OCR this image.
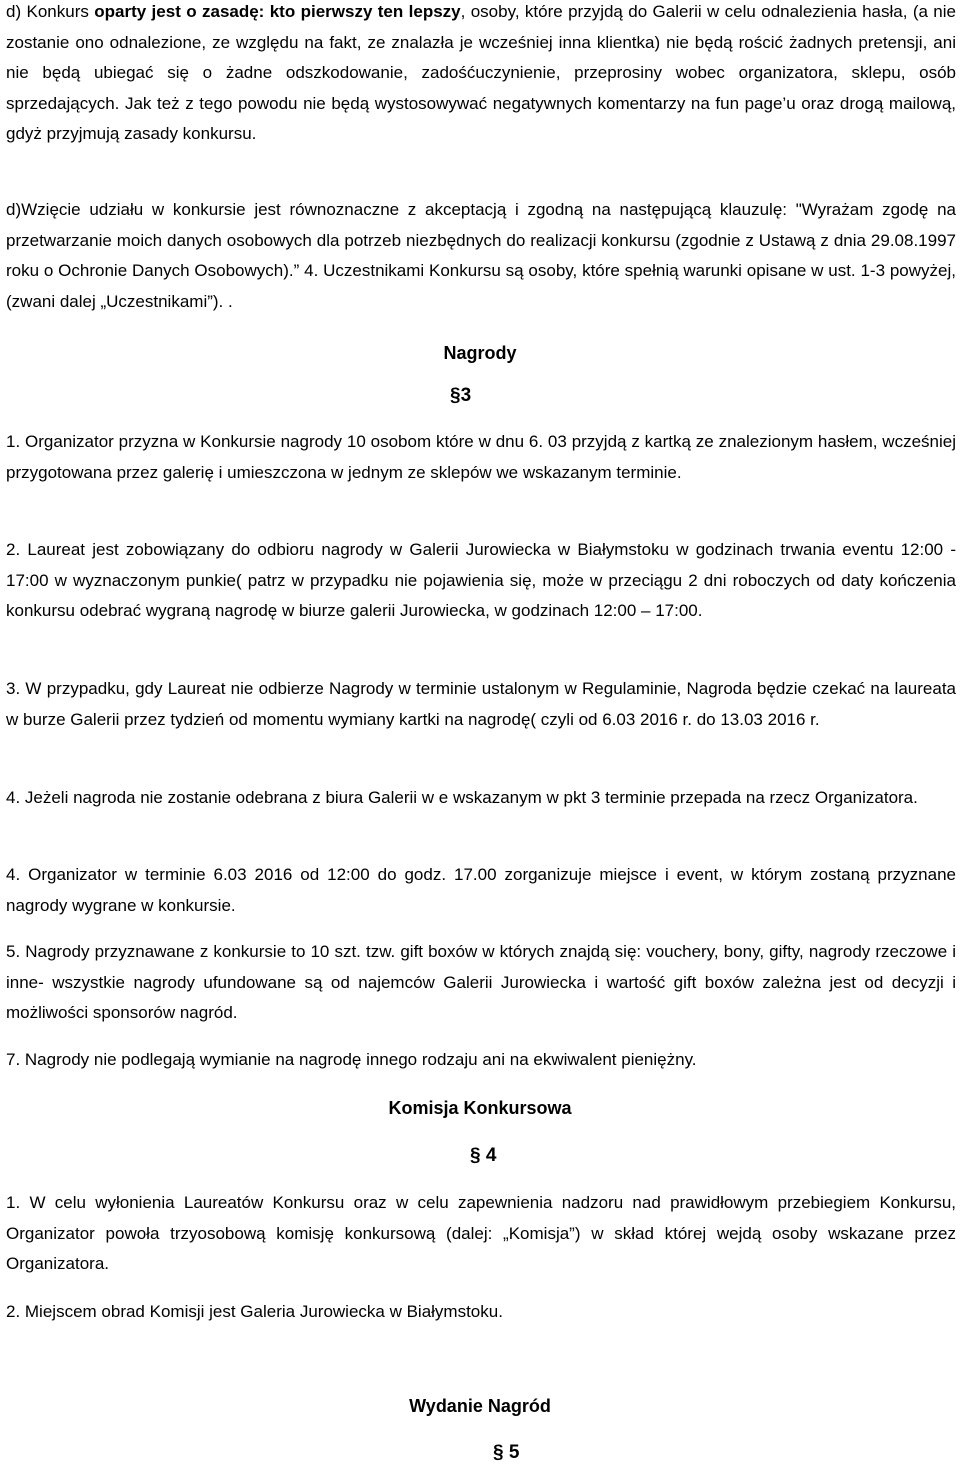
d) Konkurs oparty jest o zasadę: kto pierwszy ten lepszy, osoby, które przyjdą do Galerii w celu odnalezienia hasła, (a nie zostanie ono odnalezione, ze względu na fakt, ze znalazła je wcześniej inna klientka) nie będą rościć żadnych pretensji, ani nie będą ubiegać się o żadne odszkodowanie, zadośćuczynienie, przeprosiny wobec organizatora, sklepu, osób sprzedających. Jak też z tego powodu nie będą wystosowywać negatywnych komentarzy na fun page’u oraz drogą mailową, gdyż przyjmują zasady konkursu.

d)Wzięcie udziału w konkursie jest równoznaczne z akceptacją i zgodną na następującą klauzulę: "Wyrażam zgodę na przetwarzanie moich danych osobowych dla potrzeb niezbędnych do realizacji konkursu (zgodnie z Ustawą z dnia 29.08.1997 roku o Ochronie Danych Osobowych).” 4. Uczestnikami Konkursu są osoby, które spełnią warunki opisane w ust. 1-3 powyżej, (zwani dalej „Uczestnikami”). .

Nagrody
§3

1. Organizator przyzna w Konkursie nagrody 10 osobom które w dnu 6. 03 przyjdą z kartką ze znalezionym hasłem, wcześniej przygotowana przez galerię i umieszczona w jednym ze sklepów we wskazanym terminie.

2. Laureat jest zobowiązany do odbioru nagrody w Galerii Jurowiecka w Białymstoku w godzinach trwania eventu 12:00 - 17:00 w wyznaczonym punkie( patrz w przypadku nie pojawienia się, może w przeciągu 2 dni roboczych od daty kończenia konkursu odebrać wygraną nagrodę w biurze galerii Jurowiecka, w godzinach 12:00 – 17:00.

3. W przypadku, gdy Laureat nie odbierze Nagrody w terminie ustalonym w Regulaminie, Nagroda będzie czekać na laureata w burze Galerii przez tydzień od momentu wymiany kartki na nagrodę( czyli od 6.03 2016 r. do 13.03 2016 r.

4. Jeżeli nagroda nie zostanie odebrana z biura Galerii w e wskazanym w pkt 3 terminie przepada na rzecz Organizatora.

4. Organizator w terminie 6.03 2016 od 12:00 do godz. 17.00 zorganizuje miejsce i event, w którym zostaną przyznane nagrody wygrane w konkursie.

5. Nagrody przyznawane z konkursie to 10 szt. tzw. gift boxów w których znajdą się: vouchery, bony, gifty, nagrody rzeczowe i inne- wszystkie nagrody ufundowane są od najemców Galerii Jurowiecka i wartość gift boxów zależna jest od decyzji i możliwości sponsorów nagród.

7. Nagrody nie podlegają wymianie na nagrodę innego rodzaju ani na ekwiwalent pieniężny.

Komisja Konkursowa
§ 4

1. W celu wyłonienia Laureatów Konkursu oraz w celu zapewnienia nadzoru nad prawidłowym przebiegiem Konkursu, Organizator powoła trzyosobową komisję konkursową (dalej: „Komisja”) w skład której wejdą osoby wskazane przez Organizatora.

2. Miejscem obrad Komisji jest Galeria Jurowiecka w Białymstoku.

Wydanie Nagród
§ 5
